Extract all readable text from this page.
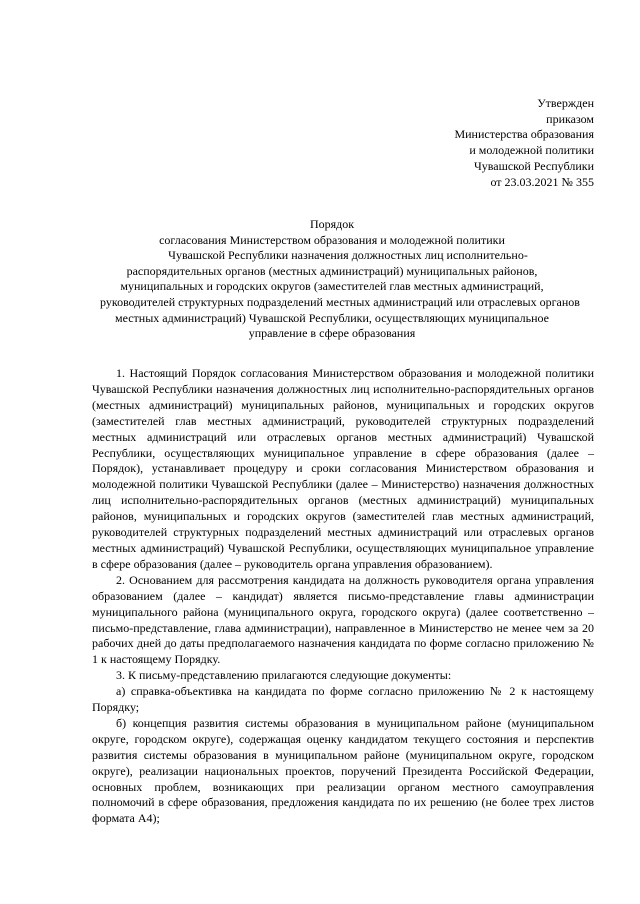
Утвержден
приказом
Министерства образования
и молодежной политики
Чувашской Республики
от 23.03.2021 № 355
Порядок
согласования Министерством образования и молодежной политики
Чувашской Республики назначения должностных лиц исполнительно-
распорядительных органов (местных администраций) муниципальных районов,
муниципальных и городских округов (заместителей глав местных администраций,
руководителей структурных подразделений местных администраций или отраслевых органов
местных администраций) Чувашской Республики, осуществляющих муниципальное
управление в сфере образования

1. Настоящий Порядок согласования Министерством образования и молодежной политики Чувашской Республики назначения должностных лиц исполнительно-распорядительных органов (местных администраций) муниципальных районов, муниципальных и городских округов (заместителей глав местных администраций, руководителей структурных подразделений местных администраций или отраслевых органов местных администраций) Чувашской Республики, осуществляющих муниципальное управление в сфере образования (далее – Порядок), устанавливает процедуру и сроки согласования Министерством образования и молодежной политики Чувашской Республики (далее – Министерство) назначения должностных лиц исполнительно-распорядительных органов (местных администраций) муниципальных районов, муниципальных и городских округов (заместителей глав местных администраций, руководителей структурных подразделений местных администраций или отраслевых органов местных администраций) Чувашской Республики, осуществляющих муниципальное управление в сфере образования (далее – руководитель органа управления образованием).

2. Основанием для рассмотрения кандидата на должность руководителя органа управления образованием (далее – кандидат) является письмо-представление главы администрации муниципального района (муниципального округа, городского округа) (далее соответственно – письмо-представление, глава администрации), направленное в Министерство не менее чем за 20 рабочих дней до даты предполагаемого назначения кандидата по форме согласно приложению № 1 к настоящему Порядку.

3. К письму-представлению прилагаются следующие документы:

а) справка-объективка на кандидата по форме согласно приложению № 2 к настоящему Порядку;

б) концепция развития системы образования в муниципальном районе (муниципальном округе, городском округе), содержащая оценку кандидатом текущего состояния и перспектив развития системы образования в муниципальном районе (муниципальном округе, городском округе), реализации национальных проектов, поручений Президента Российской Федерации, основных проблем, возникающих при реализации органом местного самоуправления полномочий в сфере образования, предложения кандидата по их решению (не более трех листов формата А4);
